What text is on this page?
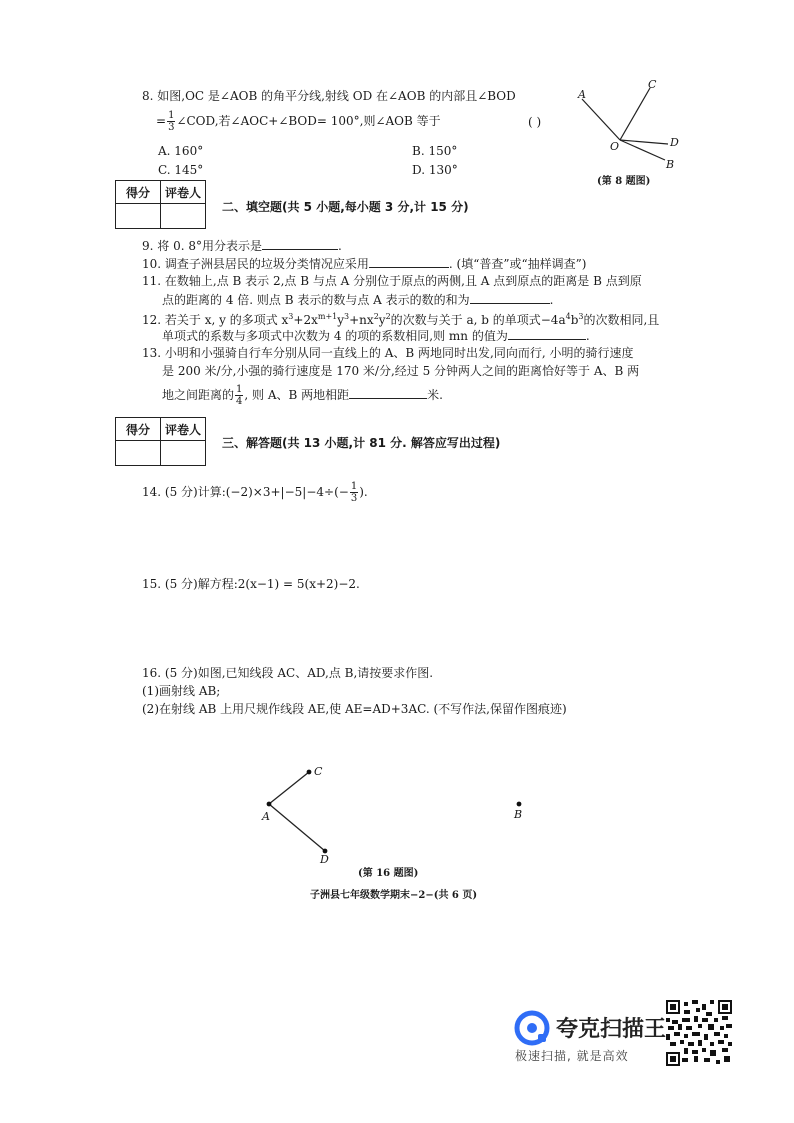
8. 如图,OC 是∠AOB 的角平分线,射线 OD 在∠AOB 的内部且∠BOD
= $\frac{1}{3}$ ∠COD,若∠AOC+∠BOD= 100°,则∠AOB 等于	( )
A. 160°	B. 150°
C. 145°	D. 130°
A
C
O	D
B
(第 8 题图)
得分	评卷人

二、填空题(共 5 小题,每小题 3 分,计 15 分)
9. 将 0. 8°用分表示是	.
10. 调查子洲县居民的垃圾分类情况应采用	. (填“普查”或“抽样调查”)
11. 在数轴上,点 B 表示 2,点 B 与点 A 分别位于原点的两侧,且 A 点到原点的距离是 B 点到原
点的距离的 4 倍. 则点 B 表示的数与点 A 表示的数的和为	.
12. 若关于 x, y 的多项式 $x^3+2x^{m+1}y^3+nx^2y^2$的次数与关于 a, b 的单项式$-4a^4b^3$的次数相同,且
单项式的系数与多项式中次数为 4 的项的系数相同,则 mn 的值为	.
13. 小明和小强骑自行车分别从同一直线上的 A、B 两地同时出发,同向而行, 小明的骑行速度
是 200 米/分,小强的骑行速度是 170 米/分,经过 5 分钟两人之间的距离恰好等于 A、B 两
地之间距离的 $\frac{1}{4}$ , 则 A、B 两地相距	米.
得分	评卷人

三、解答题(共 13 小题,计 81 分. 解答应写出过程)
14. (5 分)计算:(−2)×3+|−5|−4÷(− $\frac{1}{3}$ ).
15. (5 分)解方程:2(x−1) = 5(x+2)−2.
16. (5 分)如图,已知线段 AC、AD,点 B,请按要求作图.
(1)画射线 AB;
(2)在射线 AB 上用尺规作线段 AE,使 AE=AD+3AC. (不写作法,保留作图痕迹)
A
C
D
B
(第 16 题图)
子洲县七年级数学期末−2−(共 6 页)
夸克扫描王
极速扫描, 就是高效
